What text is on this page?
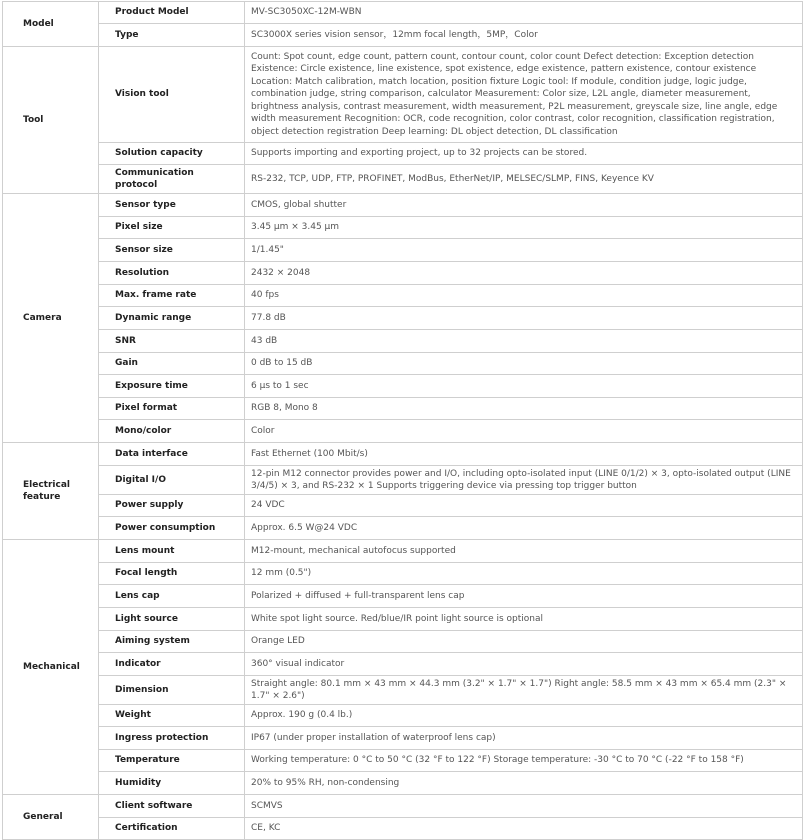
Model	Product Model	MV-SC3050XC-12M-WBN
	Type	SC3000X series vision sensor，12mm focal length，5MP，Color
Tool	Vision tool	Count: Spot count, edge count, pattern count, contour count, color count Defect detection: Exception detection Existence: Circle existence, line existence, spot existence, edge existence, pattern existence, contour existence Location: Match calibration, match location, position fixture Logic tool: If module, condition judge, logic judge, combination judge, string comparison, calculator Measurement: Color size, L2L angle, diameter measurement, brightness analysis, contrast measurement, width measurement, P2L measurement, greyscale size, line angle, edge width measurement Recognition: OCR, code recognition, color contrast, color recognition, classification registration, object detection registration Deep learning: DL object detection, DL classification
	Solution capacity	Supports importing and exporting project, up to 32 projects can be stored.
	Communication protocol	RS-232, TCP, UDP, FTP, PROFINET, ModBus, EtherNet/IP, MELSEC/SLMP, FINS, Keyence KV
Camera	Sensor type	CMOS, global shutter
	Pixel size	3.45 μm × 3.45 μm
	Sensor size	1/1.45"
	Resolution	2432 × 2048
	Max. frame rate	40 fps
	Dynamic range	77.8 dB
	SNR	43 dB
	Gain	0 dB to 15 dB
	Exposure time	6 μs to 1 sec
	Pixel format	RGB 8, Mono 8
	Mono/color	Color
Electrical feature	Data interface	Fast Ethernet (100 Mbit/s)
	Digital I/O	12-pin M12 connector provides power and I/O, including opto-isolated input (LINE 0/1/2) × 3, opto-isolated output (LINE 3/4/5) × 3, and RS-232 × 1 Supports triggering device via pressing top trigger button
	Power supply	24 VDC
	Power consumption	Approx. 6.5 W@24 VDC
Mechanical	Lens mount	M12-mount, mechanical autofocus supported
	Focal length	12 mm (0.5")
	Lens cap	Polarized + diffused + full-transparent lens cap
	Light source	White spot light source. Red/blue/IR point light source is optional
	Aiming system	Orange LED
	Indicator	360° visual indicator
	Dimension	Straight angle: 80.1 mm × 43 mm × 44.3 mm (3.2" × 1.7" × 1.7") Right angle: 58.5 mm × 43 mm × 65.4 mm (2.3" × 1.7" × 2.6")
	Weight	Approx. 190 g (0.4 lb.)
	Ingress protection	IP67 (under proper installation of waterproof lens cap)
	Temperature	Working temperature: 0 °C to 50 °C (32 °F to 122 °F) Storage temperature: -30 °C to 70 °C (-22 °F to 158 °F)
	Humidity	20% to 95% RH, non-condensing
General	Client software	SCMVS
	Certification	CE, KC
